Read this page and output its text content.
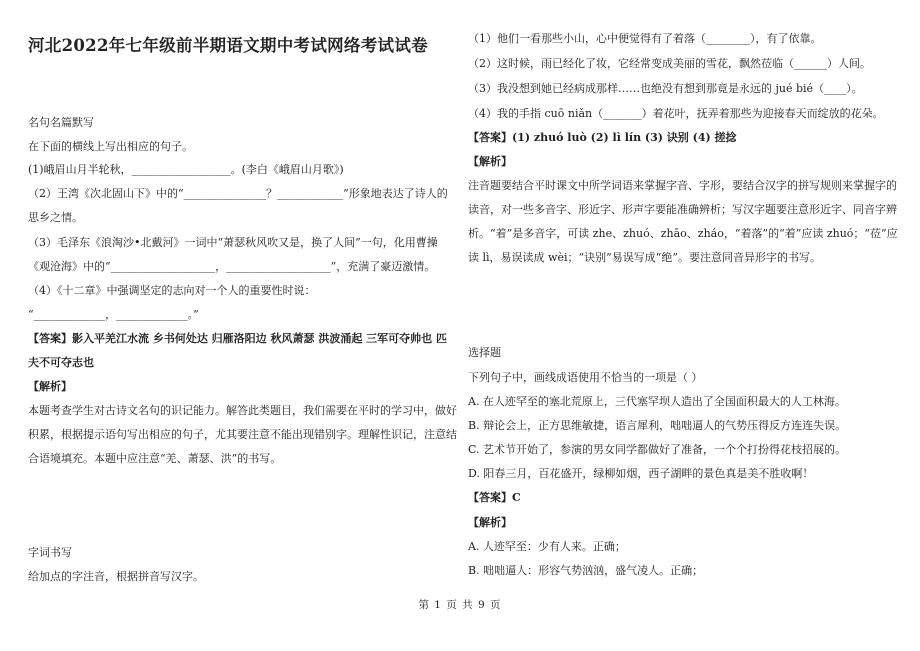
河北2022年七年级前半期语文期中考试网络考试试卷
名句名篇默写
在下面的横线上写出相应的句子。
(1)峨眉山月半轮秋，__________________。(李白《峨眉山月歌》)
（2）王湾《次北固山下》中的“_______________？____________”形象地表达了诗人的
思乡之情。
（3）毛泽东《浪淘沙•北戴河》一词中“萧瑟秋风吹又是，换了人间”一句，化用曹操
《观沧海》中的“___________________，___________________”，充满了豪迈激情。
（4）《十二章》中强调坚定的志向对一个人的重要性时说：
“_____________，_____________。”
【答案】影入平羌江水流 乡书何处达 归雁洛阳边 秋风萧瑟 洪波涌起 三军可夺帅也 匹
夫不可夺志也
【解析】
本题考查学生对古诗文名句的识记能力。解答此类题目，我们需要在平时的学习中，做好
积累，根据提示语句写出相应的句子，尤其要注意不能出现错别字。理解性识记，注意结
合语境填充。本题中应注意“羌、萧瑟、洪”的书写。
字词书写
给加点的字注音，根据拼音写汉字。
（1）他们一看那些小山，心中便觉得有了着落（________），有了依靠。
（2）这时候，雨已经化了妆，它经常变成美丽的雪花，飘然莅临（______）人间。
（3）我没想到她已经病成那样……也绝没有想到那竟是永远的 jué bié（____）。
（4）我的手指 cuō niǎn（_______）着花叶，抚弄着那些为迎接春天而绽放的花朵。
【答案】(1) zhuó luò (2) lì lín (3) 诀别 (4) 搓捻
【解析】
注音题要结合平时课文中所学词语来掌握字音、字形，要结合汉字的拼写规则来掌握字的
读音，对一些多音字、形近字、形声字要能准确辨析；写汉字题要注意形近字、同音字辨
析。“着”是多音字，可读 zhe、zhuó、zhāo、zháo，“着落”的“着”应读 zhuó；“莅”应
读 lì，易误读成 wèi；“诀别”易误写成“绝”。要注意同音异形字的书写。
选择题
下列句子中，画线成语使用不恰当的一项是（ ）
A. 在人迹罕至的塞北荒原上，三代塞罕坝人造出了全国面积最大的人工林海。
B. 辩论会上，正方思维敏捷，语言犀利，咄咄逼人的气势压得反方连连失误。
C. 艺术节开始了，参演的男女同学都做好了准备，一个个打扮得花枝招展的。
D. 阳春三月，百花盛开，绿柳如烟，西子湖畔的景色真是美不胜收啊！
【答案】C
【解析】
A. 人迹罕至：少有人来。正确；
B. 咄咄逼人：形容气势汹汹，盛气凌人。正确；
第 1 页 共 9 页
